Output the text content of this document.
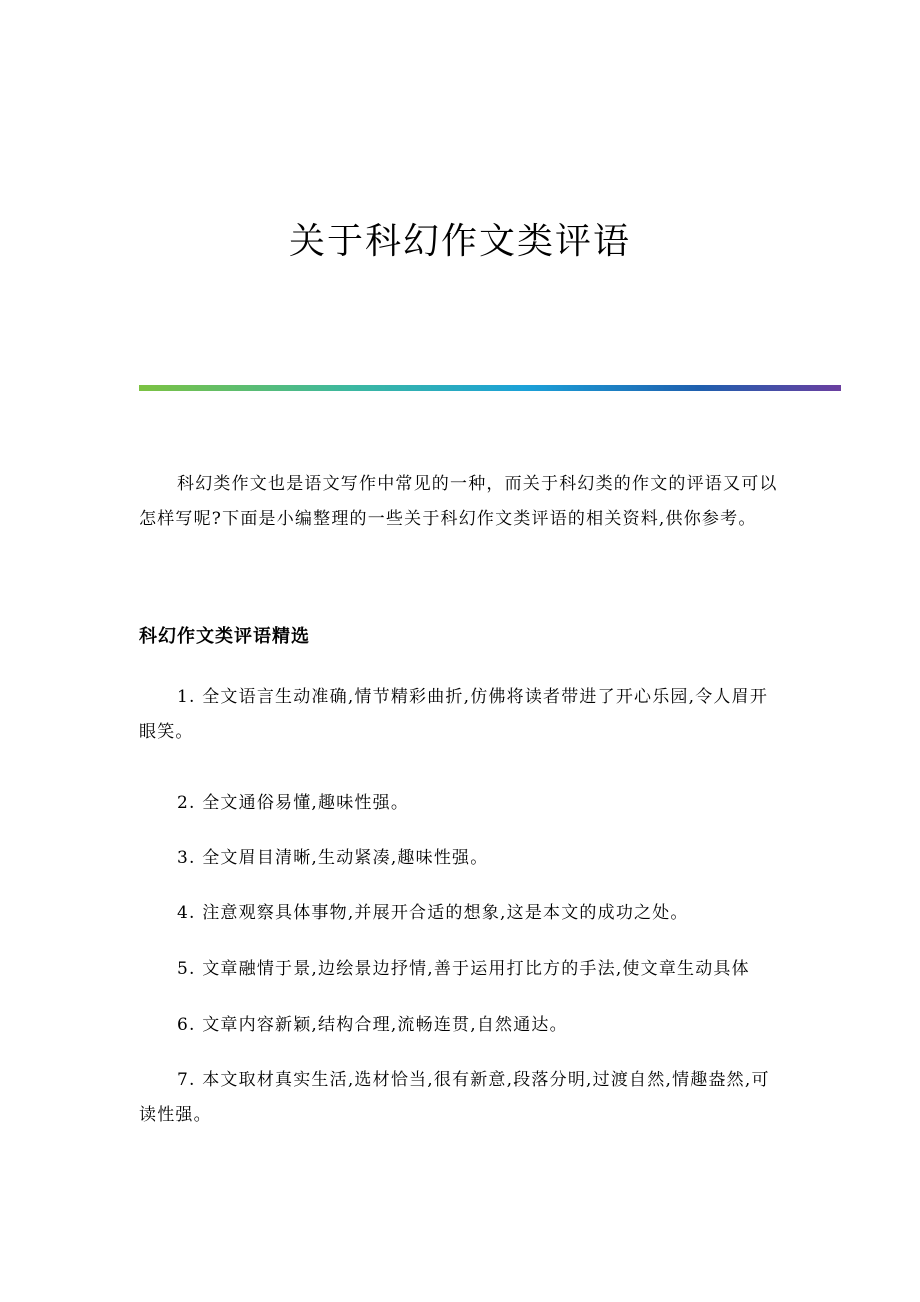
关于科幻作文类评语
科幻类作文也是语文写作中常见的一种，而关于科幻类的作文的评语又可以怎样写呢?下面是小编整理的一些关于科幻作文类评语的相关资料,供你参考。
科幻作文类评语精选
1. 全文语言生动准确,情节精彩曲折,仿佛将读者带进了开心乐园,令人眉开眼笑。
2. 全文通俗易懂,趣味性强。
3. 全文眉目清晰,生动紧凑,趣味性强。
4. 注意观察具体事物,并展开合适的想象,这是本文的成功之处。
5. 文章融情于景,边绘景边抒情,善于运用打比方的手法,使文章生动具体
6. 文章内容新颖,结构合理,流畅连贯,自然通达。
7. 本文取材真实生活,选材恰当,很有新意,段落分明,过渡自然,情趣盎然,可读性强。
